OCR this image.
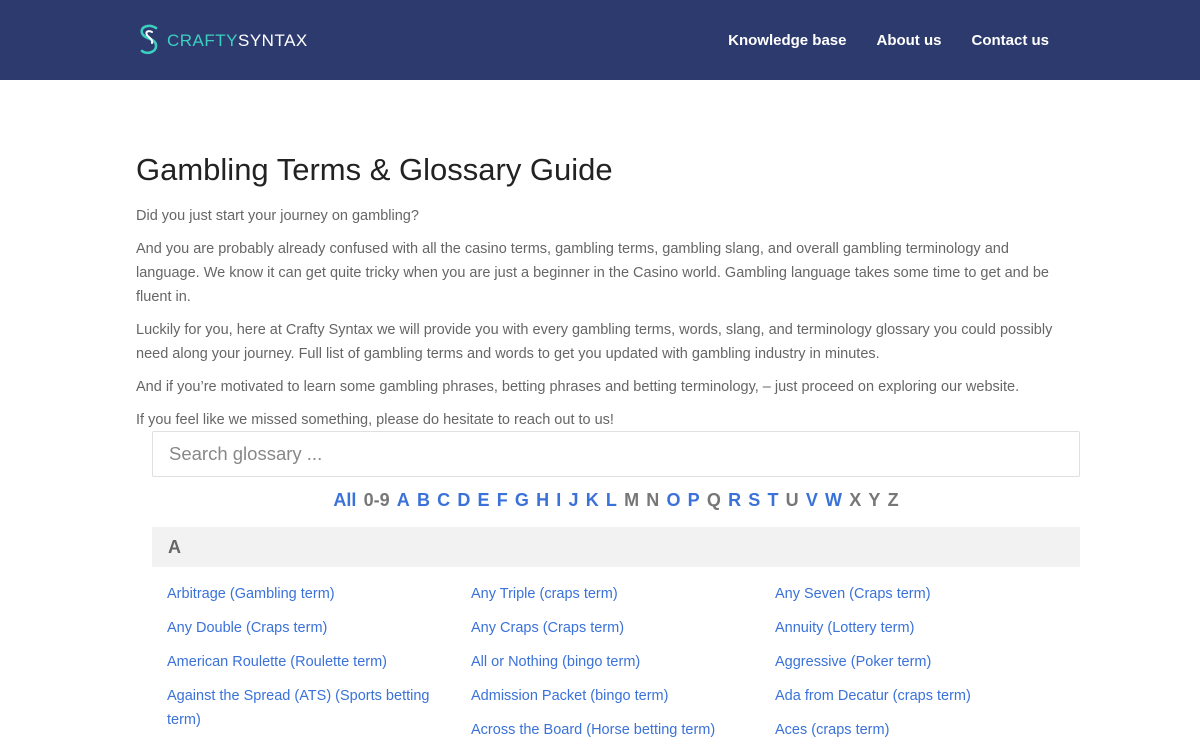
CRAFTYSYNTAX	Knowledge base About us Contact us
Gambling Terms & Glossary Guide

Did you just start your journey on gambling?

And you are probably already confused with all the casino terms, gambling terms, gambling slang, and overall gambling terminology and language. We know it can get quite tricky when you are just a beginner in the Casino world. Gambling language takes some time to get and be fluent in.

Luckily for you, here at Crafty Syntax we will provide you with every gambling terms, words, slang, and terminology glossary you could possibly need along your journey. Full list of gambling terms and words to get you updated with gambling industry in minutes.

And if you’re motivated to learn some gambling phrases, betting phrases and betting terminology, – just proceed on exploring our website.

If you feel like we missed something, please do hesitate to reach out to us!

Search glossary ...
All 0-9 A B C D E F G H I J K L M N O P Q R S T U V W X Y Z
A
Arbitrage (Gambling term)
Any Double (Craps term)
American Roulette (Roulette term)
Against the Spread (ATS) (Sports betting term)
Any Triple (craps term)
Any Craps (Craps term)
All or Nothing (bingo term)
Admission Packet (bingo term)
Across the Board (Horse betting term)
Any Seven (Craps term)
Annuity (Lottery term)
Aggressive (Poker term)
Ada from Decatur (craps term)
Aces (craps term)
